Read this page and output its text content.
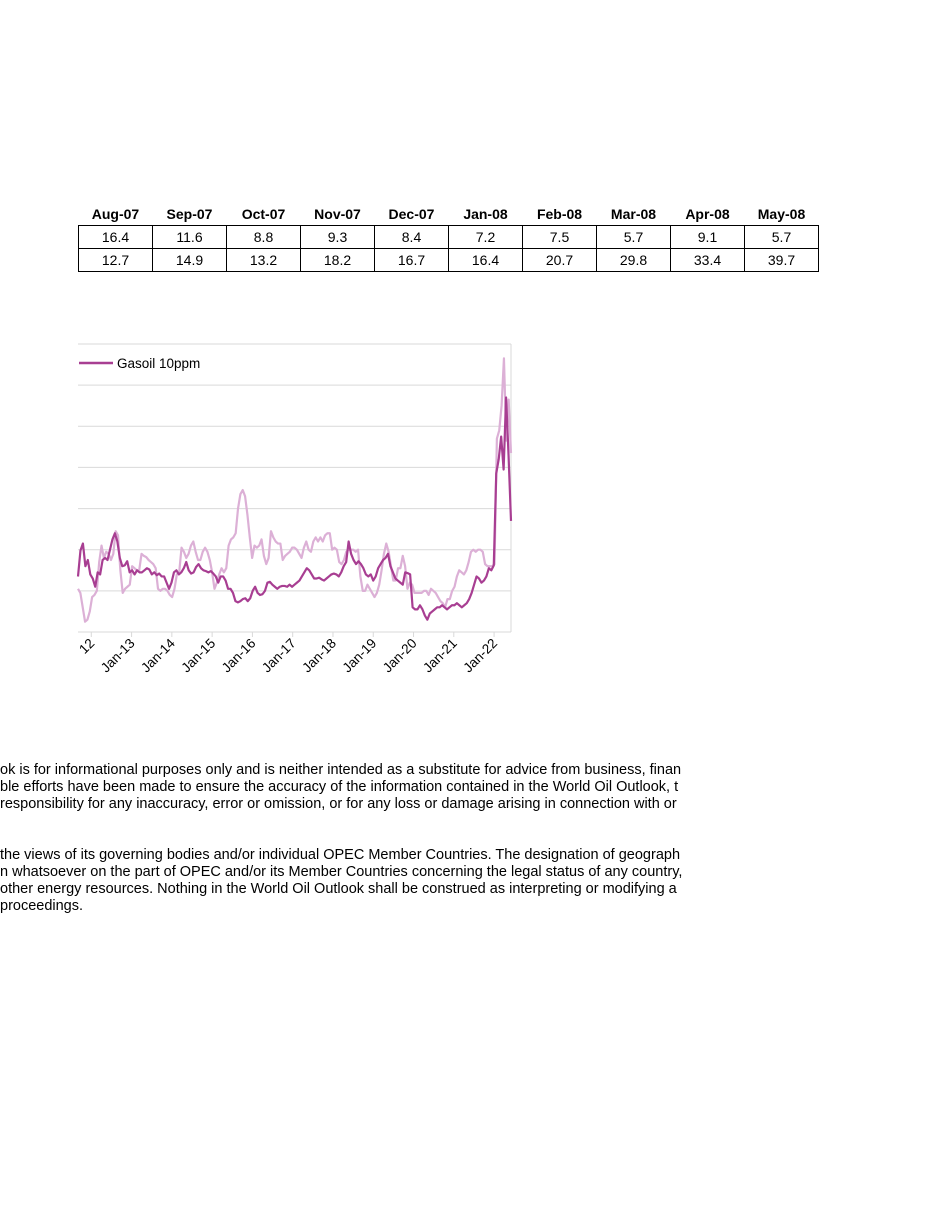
Aug-07	Sep-07	Oct-07	Nov-07	Dec-07	Jan-08	Feb-08	Mar-08	Apr-08	May-08
16.4	11.6	8.8	9.3	8.4	7.2	7.5	5.7	9.1	5.7
12.7	14.9	13.2	18.2	16.7	16.4	20.7	29.8	33.4	39.7
12 Jan-13 Jan-14 Jan-15 Jan-16 Jan-17 Jan-18 Jan-19 Jan-20 Jan-21 Jan-22
Gasoil 10ppm
ok is for informational purposes only and is neither intended as a substitute for advice from business, finan
ble efforts have been made to ensure the accuracy of the information contained in the World Oil Outlook, t
responsibility for any inaccuracy, error or omission, or for any loss or damage arising in connection with or
the views of its governing bodies and/or individual OPEC Member Countries. The designation of geograph
n whatsoever on the part of OPEC and/or its Member Countries concerning the legal status of any country,
other energy resources. Nothing in the World Oil Outlook shall be construed as interpreting or modifying a
proceedings.
